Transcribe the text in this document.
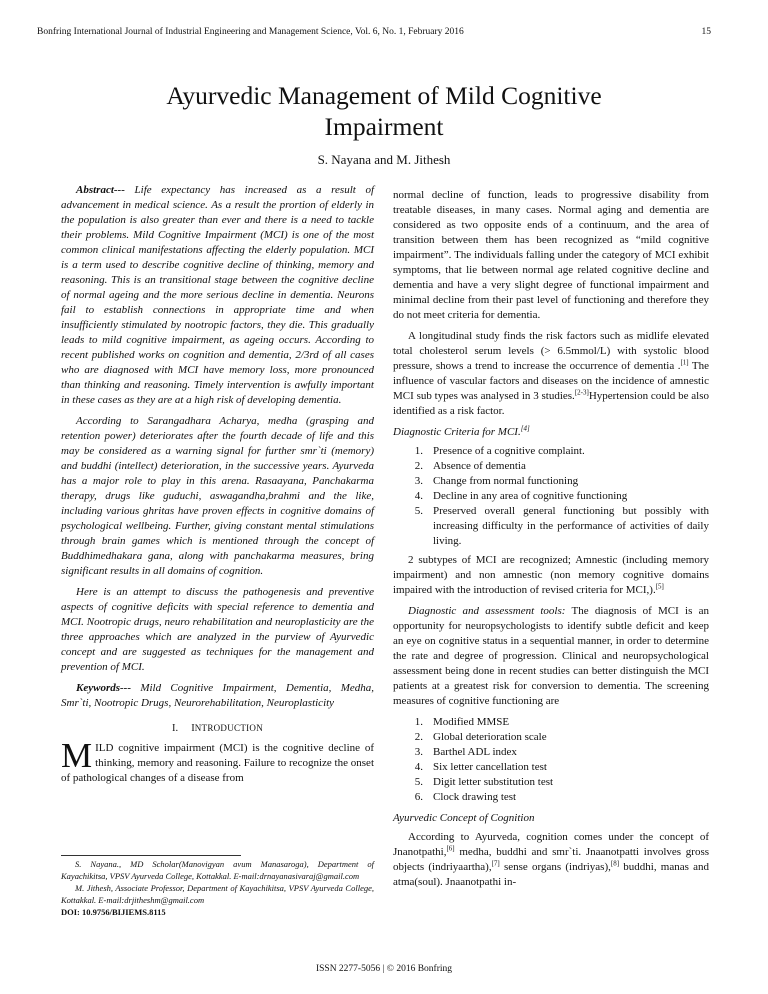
Bonfring International Journal of Industrial Engineering and Management Science, Vol. 6, No. 1, February 2016	15
Ayurvedic Management of Mild Cognitive
Impairment
S. Nayana and M. Jithesh

Abstract--- Life expectancy has increased as a result of advancement in medical science. As a result the prortion of elderly in the population is also greater than ever and there is a need to tackle their problems. Mild Cognitive Impairment (MCI) is one of the most common clinical manifestations affecting the elderly population. MCI is a term used to describe cognitive decline of thinking, memory and reasoning. This is an transitional stage between the cognitive decline of normal ageing and the more serious decline in dementia. Neurons fail to establish connections in appropriate time and when insufficiently stimulated by nootropic factors, they die. This gradually leads to mild cognitive impairment, as ageing occurs. According to recent published works on cognition and dementia, 2/3rd of all cases who are diagnosed with MCI have memory loss, more pronounced than thinking and reasoning. Timely intervention is awfully important in these cases as they are at a high risk of developing dementia.

According to Sarangadhara Acharya, medha (grasping and retention power) deteriorates after the fourth decade of life and this may be considered as a warning signal for further smr`ti (memory) and buddhi (intellect) deterioration, in the successive years. Ayurveda has a major role to play in this arena. Rasaayana, Panchakarma therapy, drugs like guduchi, aswagandha,brahmi and the like, including various ghritas have proven effects in cognitive domains of psychological wellbeing. Further, giving constant mental stimulations through brain games which is mentioned through the concept of Buddhimedhakara gana, along with panchakarma measures, bring significant results in all domains of cognition.

Here is an attempt to discuss the pathogenesis and preventive aspects of cognitive deficits with special reference to dementia and MCI. Nootropic drugs, neuro rehabilitation and neuroplasticity are the three approaches which are analyzed in the purview of Ayurvedic concept and are suggested as techniques for the management and prevention of MCI.

Keywords--- Mild Cognitive Impairment, Dementia, Medha, Smr`ti, Nootropic Drugs, Neurorehabilitation, Neuroplasticity

I. INTRODUCTION

MILD cognitive impairment (MCI) is the cognitive decline of thinking, memory and reasoning. Failure to recognize the onset of pathological changes of a disease from

S. Nayana., MD Scholar(Manovigyan avum Manasaroga), Department of Kayachikitsa, VPSV Ayurveda College, Kottakkal. E-mail:drnayanasivaraj@gmail.com
M. Jithesh, Associate Professor, Department of Kayachikitsa, VPSV Ayurveda College, Kottakkal. E-mail:drjitheshm@gmail.com
DOI: 10.9756/BIJIEMS.8115

normal decline of function, leads to progressive disability from treatable diseases, in many cases. Normal aging and dementia are considered as two opposite ends of a continuum, and the area of transition between them has been recognized as “mild cognitive impairment”. The individuals falling under the category of MCI exhibit symptoms, that lie between normal age related cognitive decline and dementia and have a very slight degree of functional impairment and minimal decline from their past level of functioning and therefore they do not meet criteria for dementia.

A longitudinal study finds the risk factors such as midlife elevated total cholesterol serum levels (> 6.5mmol/L) with systolic blood pressure, shows a trend to increase the occurrence of dementia .[1] The influence of vascular factors and diseases on the incidence of amnestic MCI sub types was analysed in 3 studies.[2-3]Hypertension could be also identified as a risk factor.

Diagnostic Criteria for MCI.[4]
1. Presence of a cognitive complaint.
2. Absence of dementia
3. Change from normal functioning
4. Decline in any area of cognitive functioning
5. Preserved overall general functioning but possibly with increasing difficulty in the performance of activities of daily living.

2 subtypes of MCI are recognized; Amnestic (including memory impairment) and non amnestic (non memory cognitive domains impaired with the introduction of revised criteria for MCI,).[5]

Diagnostic and assessment tools: The diagnosis of MCI is an opportunity for neuropsychologists to identify subtle deficit and keep an eye on cognitive status in a sequential manner, in order to determine the rate and degree of progression. Clinical and neuropsychological assessment being done in recent studies can better distinguish the MCI patients at a greatest risk for conversion to dementia. The screening measures of cognitive functioning are

1. Modified MMSE
2. Global deterioration scale
3. Barthel ADL index
4. Six letter cancellation test
5. Digit letter substitution test
6. Clock drawing test
Ayurvedic Concept of Cognition

According to Ayurveda, cognition comes under the concept of Jnanotpathi,[6] medha, buddhi and smr`ti. Jnaanotpatti involves gross objects (indriyaartha),[7] sense organs (indriyas),[8] buddhi, manas and atma(soul). Jnaanotpathi in-

ISSN 2277-5056 | © 2016 Bonfring
